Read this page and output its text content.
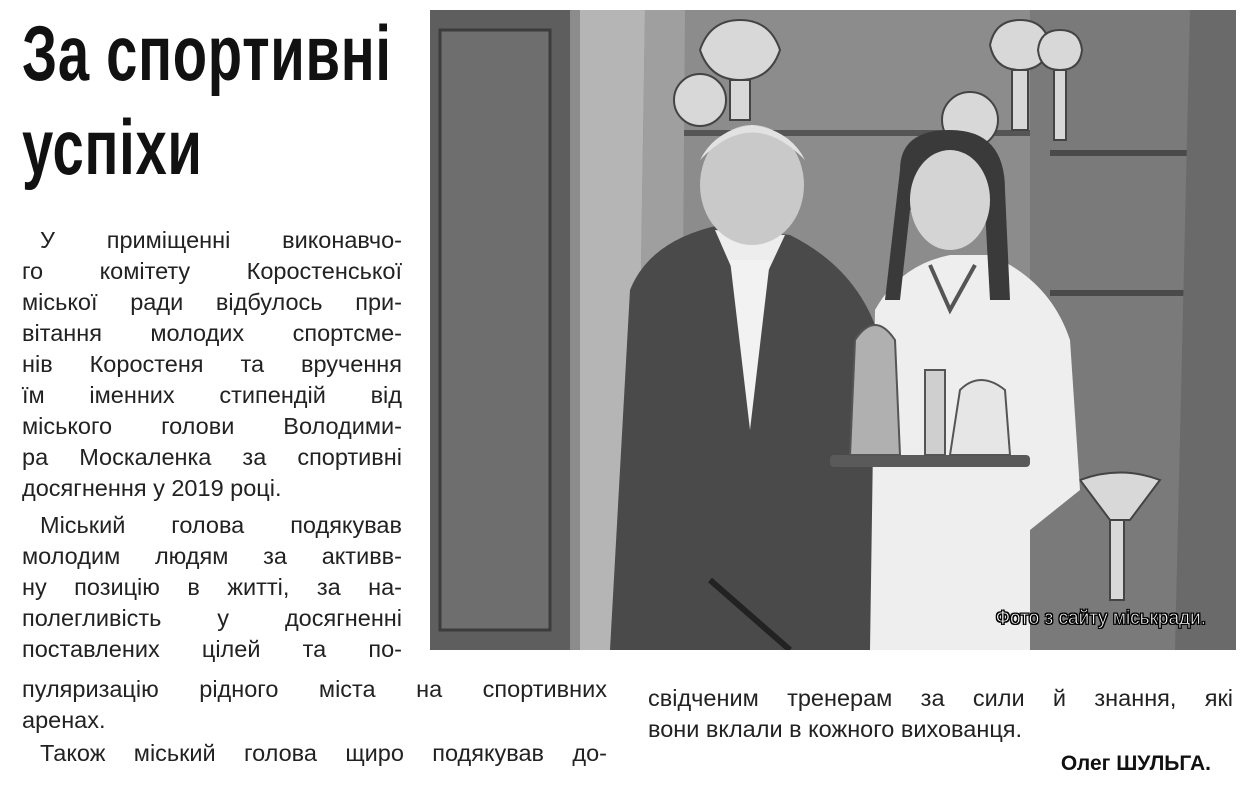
За спортивні
успіхи
Фото з сайту міськради.
У приміщенні виконавчо-
го комітету Коростенської
міської ради відбулось при-
вітання молодих спортсме-
нів Коростеня та вручення
їм іменних стипендій від
міського голови Володими-
ра Москаленка за спортивні
досягнення у 2019 році.
Міський голова подякував
молодим людям за активв-
ну позицію в житті, за на-
полегливість у досягненні
поставлених цілей та по-
пуляризацію рідного міста на спортивних
аренах.
Також міський голова щиро подякував до-
свідченим тренерам за сили й знання, які
вони вклали в кожного вихованця.
Олег ШУЛЬГА.
